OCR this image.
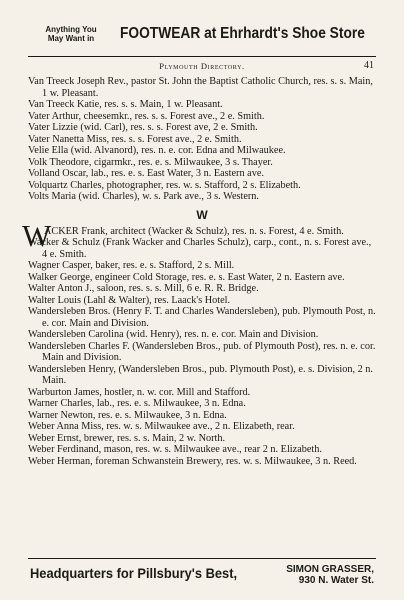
Anything You
May Want in	FOOTWEAR at Ehrhardt's Shoe Store
Plymouth Directory.	41

Van Treeck Joseph Rev., pastor St. John the Baptist Catholic Church, res. s. s. Main, 1 w. Pleasant.

Van Treeck Katie, res. s. s. Main, 1 w. Pleasant.

Vater Arthur, cheesemkr., res. s. s. Forest ave., 2 e. Smith.

Vater Lizzie (wid. Carl), res. s. s. Forest ave, 2 e. Smith.

Vater Nanetta Miss, res. s. s. Forest ave., 2 e. Smith.

Velie Ella (wid. Alvanord), res. n. e. cor. Edna and Milwaukee.

Volk Theodore, cigarmkr., res. e. s. Milwaukee, 3 s. Thayer.

Volland Oscar, lab., res. e. s. East Water, 3 n. Eastern ave.

Volquartz Charles, photographer, res. w. s. Stafford, 2 s. Elizabeth.

Volts Maria (wid. Charles), w. s. Park ave., 3 s. Western.

W

W
ACKER Frank, architect (Wacker & Schulz), res. n. s. Forest, 4 e. Smith.

Wacker & Schulz (Frank Wacker and Charles Schulz), carp., cont., n. s. Forest ave., 4 e. Smith.

Wagner Casper, baker, res. e. s. Stafford, 2 s. Mill.

Walker George, engineer Cold Storage, res. e. s. East Water, 2 n. Eastern ave.

Walter Anton J., saloon, res. s. s. Mill, 6 e. R. R. Bridge.

Walter Louis (Lahl & Walter), res. Laack's Hotel.

Wandersleben Bros. (Henry F. T. and Charles Wandersleben), pub. Plymouth Post, n. e. cor. Main and Division.

Wandersleben Carolina (wid. Henry), res. n. e. cor. Main and Division.

Wandersleben Charles F. (Wandersleben Bros., pub. of Plymouth Post), res. n. e. cor. Main and Division.

Wandersleben Henry, (Wandersleben Bros., pub. Plymouth Post), e. s. Division, 2 n. Main.

Warburton James, hostler, n. w. cor. Mill and Stafford.

Warner Charles, lab., res. e. s. Milwaukee, 3 n. Edna.

Warner Newton, res. e. s. Milwaukee, 3 n. Edna.

Weber Anna Miss, res. w. s. Milwaukee ave., 2 n. Elizabeth, rear.

Weber Ernst, brewer, res. s. s. Main, 2 w. North.

Weber Ferdinand, mason, res. w. s. Milwaukee ave., rear 2 n. Elizabeth.

Weber Herman, foreman Schwanstein Brewery, res. w. s. Milwaukee, 3 n. Reed.

Headquarters for Pillsbury's Best,	SIMON GRASSER,
930 N. Water St.
